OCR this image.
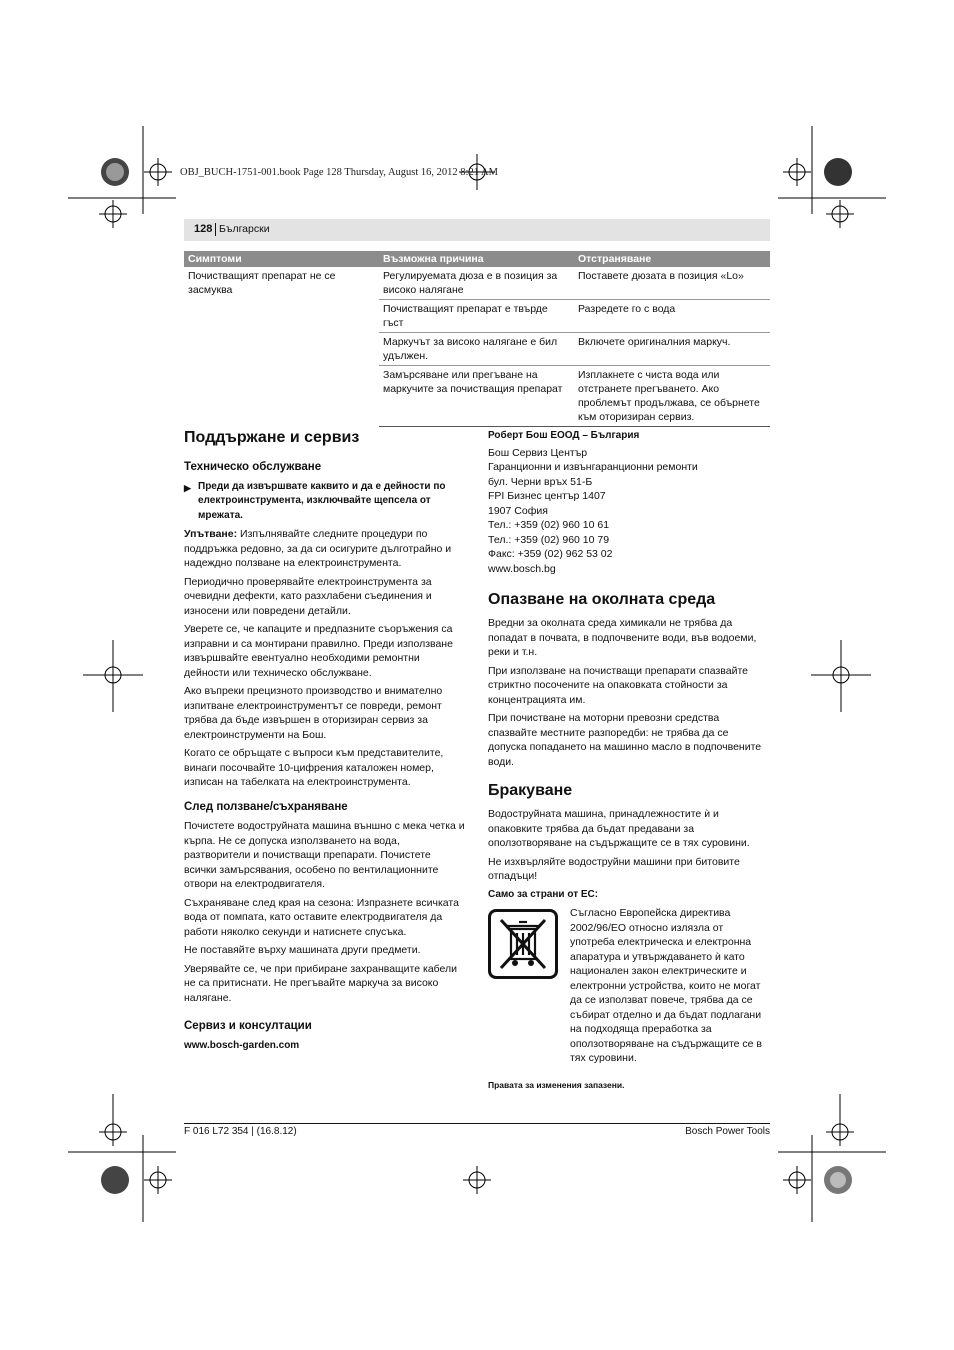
OBJ_BUCH-1751-001.book Page 128 Thursday, August 16, 2012 8:21 AM
128 Български
Симптоми	Възможна причина	Отстраняване
Почистващият препарат не се засмуква	Регулируемата дюза е в позиция за високо налягане	Поставете дюзата в позиция «Lo»
	Почистващият препарат е твърде гъст	Разредете го с вода
	Маркучът за високо налягане е бил удължен.	Включете оригиналния маркуч.
	Замърсяване или прегъване на маркучите за почистващия препарат	Изплакнете с чиста вода или отстранете прегъването. Ако проблемът продължава, се обърнете към оторизиран сервиз.
Поддържане и сервиз
Техническо обслужване
▶ Преди да извършвате каквито и да е дейности по електроинструмента, изключвайте щепсела от мрежата.

Упътване: Изпълнявайте следните процедури по поддръжка редовно, за да си осигурите дълготрайно и надеждно ползване на електроинструмента.

Периодично проверявайте електроинструмента за очевидни дефекти, като разхлабени съединения и износени или повредени детайли.

Уверете се, че капаците и предпазните съоръжения са изправни и са монтирани правилно. Преди използване извършвайте евентуално необходими ремонтни дейности или техническо обслужване.

Ако въпреки прецизното производство и внимателно изпитване електроинструментът се повреди, ремонт трябва да бъде извършен в оторизиран сервиз за електроинструменти на Бош.

Когато се обръщате с въпроси към представителите, винаги посочвайте 10-цифрения каталожен номер, изписан на табелката на електроинструмента.

След ползване/съхраняване

Почистете водоструйната машина външно с мека четка и кърпа. Не се допуска използването на вода, разтворители и почистващи препарати. Почистете всички замърсявания, особено по вентилационните отвори на електродвигателя.

Съхраняване след края на сезона: Изпразнете всичката вода от помпата, като оставите електродвигателя да работи няколко секунди и натиснете спусъка.

Не поставяйте върху машината други предмети.

Уверявайте се, че при прибиране захранващите кабели не са притиснати. Не прегъвайте маркуча за високо налягане.

Сервиз и консултации

www.bosch-garden.com

Роберт Бош ЕООД – България

Бош Сервиз Център
Гаранционни и извънгаранционни ремонти
бул. Черни връх 51-Б
FPI Бизнес център 1407
1907 София
Тел.: +359 (02) 960 10 61
Тел.: +359 (02) 960 10 79
Факс: +359 (02) 962 53 02
www.bosch.bg
Опазване на околната среда

Вредни за околната среда химикали не трябва да попадат в почвата, в подпочвените води, във водоеми, реки и т.н.

При използване на почистващи препарати спазвайте стриктно посочените на опаковката стойности за концентрацията им.

При почистване на моторни превозни средства спазвайте местните разпоредби: не трябва да се допуска попадането на машинно масло в подпочвените води.

Бракуване

Водоструйната машина, принадлежностите ѝ и опаковките трябва да бъдат предавани за оползотворяване на съдържащите се в тях суровини.

Не изхвърляйте водоструйни машини при битовите отпадъци!

Само за страни от ЕС:

Съгласно Европейска директива 2002/96/ЕО относно излязла от употреба електрическа и електронна апаратура и утвърждаването ѝ като национален закон електрическите и електронни устройства, които не могат да се използват повече, трябва да се събират отделно и да бъдат подлагани на подходяща преработка за оползотворяване на съдържащите се в тях суровини.

Правата за изменения запазени.

F 016 L72 354 | (16.8.12)	Bosch Power Tools
